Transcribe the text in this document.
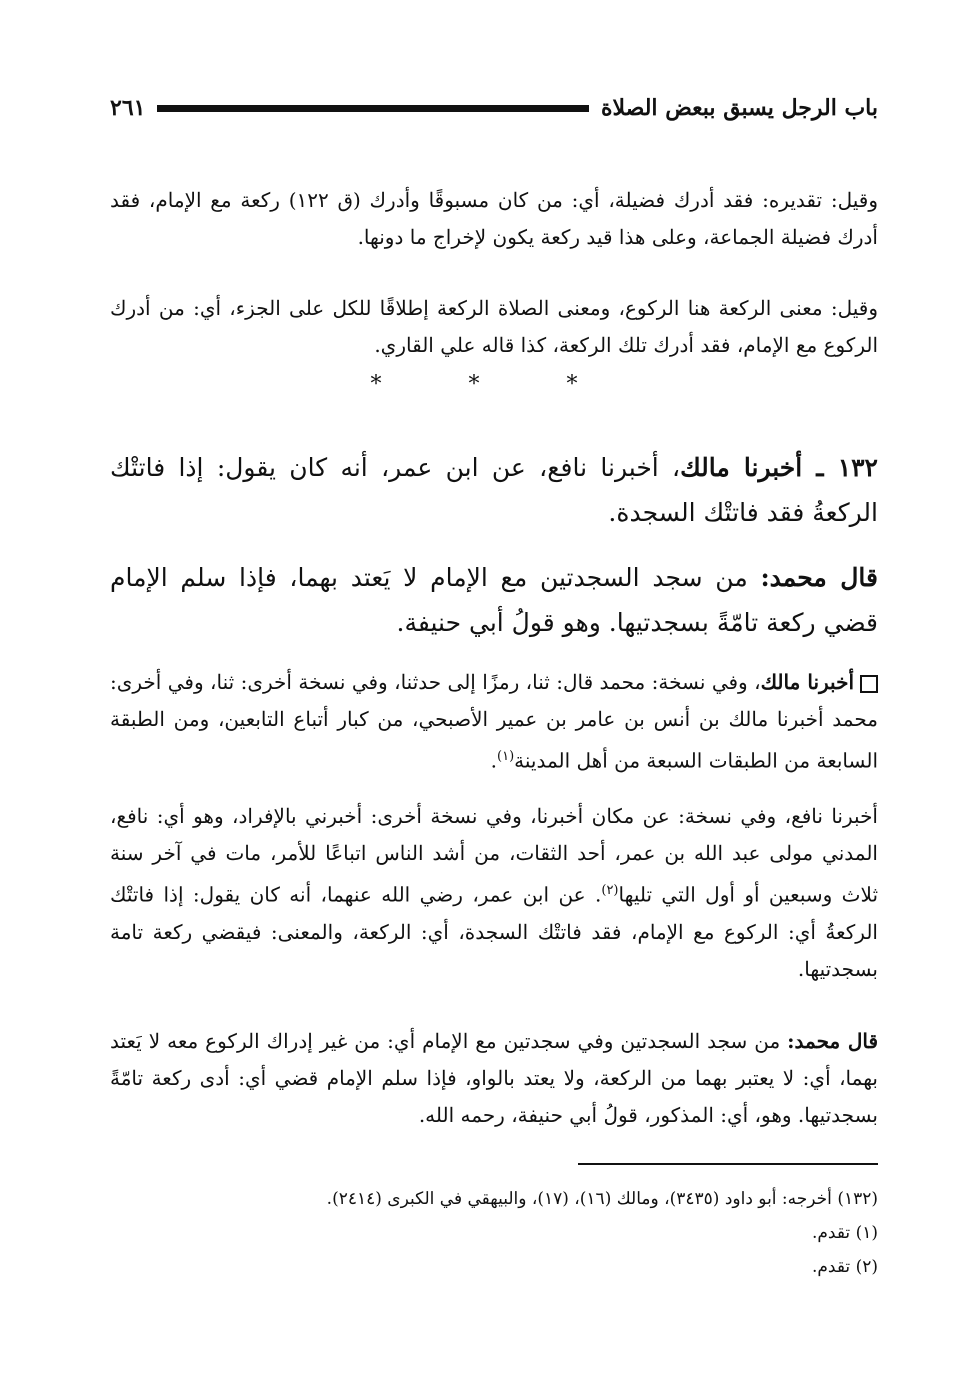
باب الرجل يسبق ببعض الصلاة
٢٦١

وقيل: تقديره: فقد أدرك فضيلة، أي: من كان مسبوقًا وأدرك (ق ١٢٢) ركعة مع الإمام، فقد أدرك فضيلة الجماعة، وعلى هذا قيد ركعة يكون لإخراج ما دونها.

وقيل: معنى الركعة هنا الركوع، ومعنى الصلاة الركعة إطلاقًا للكل على الجزء، أي: من أدرك الركوع مع الإمام، فقد أدرك تلك الركعة، كذا قاله علي القاري.

* * *

١٣٢ ـ أخبرنا مالك، أخبرنا نافع، عن ابن عمر، أنه كان يقول: إذا فاتتْك الركعةُ فقد فاتتْك السجدة.

قال محمد: من سجد السجدتين مع الإمام لا يَعتد بهما، فإذا سلم الإمام قضي ركعة تامّةً بسجدتيها. وهو قولُ أبي حنيفة.

أخبرنا مالك، وفي نسخة: محمد قال: ثنا، رمزًا إلى حدثنا، وفي نسخة أخرى: ثنا، وفي أخرى: محمد أخبرنا مالك بن أنس بن عامر بن عمير الأصبحي، من كبار أتباع التابعين، ومن الطبقة السابعة من الطبقات السبعة من أهل المدينة$^{(١)}$.

أخبرنا نافع، وفي نسخة: عن مكان أخبرنا، وفي نسخة أخرى: أخبرني بالإفراد، وهو أي: نافع، المدني مولى عبد الله بن عمر، أحد الثقات، من أشد الناس اتباعًا للأمر، مات في آخر سنة ثلاث وسبعين أو أول التي تليها$^{(٢)}$. عن ابن عمر، رضي الله عنهما، أنه كان يقول: إذا فاتتْك الركعةُ أي: الركوع مع الإمام، فقد فاتتْك السجدة، أي: الركعة، والمعنى: فيقضي ركعة تامة بسجدتيها.

قال محمد: من سجد السجدتين وفي سجدتين مع الإمام أي: من غير إدراك الركوع معه لا يَعتد بهما، أي: لا يعتبر بهما من الركعة، ولا يعتد بالواو، فإذا سلم الإمام قضي أي: أدى ركعة تامّةً بسجدتيها. وهو، أي: المذكور، قولُ أبي حنيفة، رحمه الله.

(١٣٢) أخرجه: أبو داود (٣٤٣٥)، ومالك (١٦)، (١٧)، والبيهقي في الكبرى (٢٤١٤).
(١) تقدم.
(٢) تقدم.
